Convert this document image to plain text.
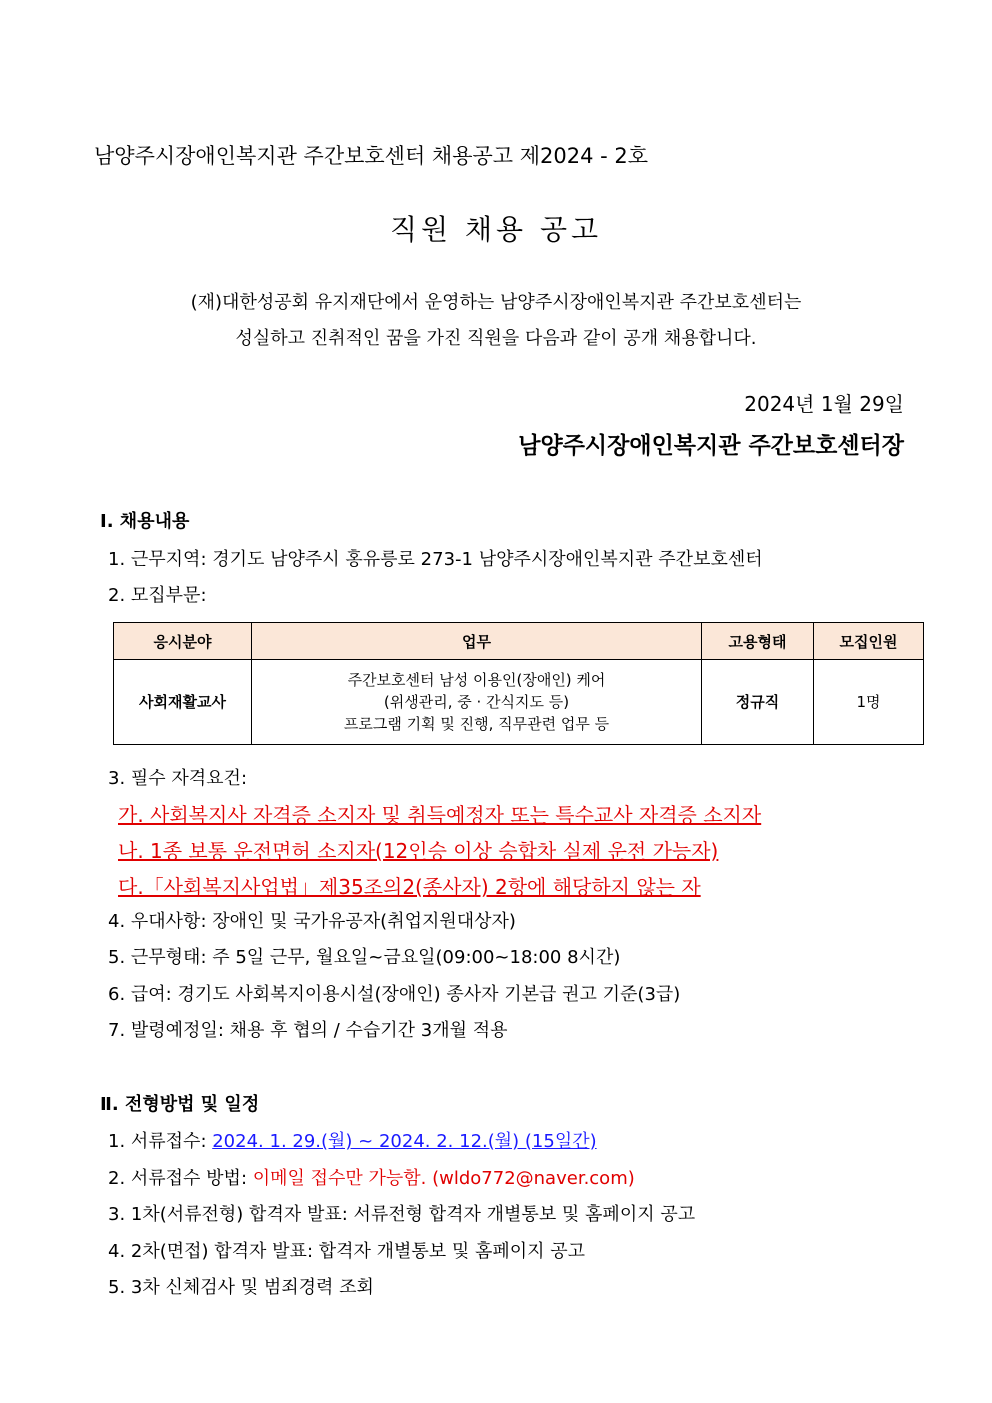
남양주시장애인복지관 주간보호센터 채용공고 제2024 - 2호
직원 채용 공고
(재)대한성공회 유지재단에서 운영하는 남양주시장애인복지관 주간보호센터는
성실하고 진취적인 꿈을 가진 직원을 다음과 같이 공개 채용합니다.
2024년 1월 29일
남양주시장애인복지관 주간보호센터장
Ⅰ. 채용내용
1. 근무지역: 경기도 남양주시 홍유릉로 273-1 남양주시장애인복지관 주간보호센터
2. 모집부문:
응시분야	업무	고용형태	모집인원
사회재활교사	주간보호센터 남성 이용인(장애인) 케어
(위생관리, 중 · 간식지도 등)
프로그램 기획 및 진행, 직무관련 업무 등	정규직	1명
3. 필수 자격요건:
가. 사회복지사 자격증 소지자 및 취득예정자 또는 특수교사 자격증 소지자
나. 1종 보통 운전면허 소지자(12인승 이상 승합차 실제 운전 가능자)
다.「사회복지사업법」제35조의2(종사자) 2항에 해당하지 않는 자
4. 우대사항: 장애인 및 국가유공자(취업지원대상자)
5. 근무형태: 주 5일 근무, 월요일~금요일(09:00~18:00 8시간)
6. 급여: 경기도 사회복지이용시설(장애인) 종사자 기본급 권고 기준(3급)
7. 발령예정일: 채용 후 협의 / 수습기간 3개월 적용
Ⅱ. 전형방법 및 일정
1. 서류접수: 2024. 1. 29.(월) ~ 2024. 2. 12.(월) (15일간)
2. 서류접수 방법: 이메일 접수만 가능함. (wldo772@naver.com)
3. 1차(서류전형) 합격자 발표: 서류전형 합격자 개별통보 및 홈페이지 공고
4. 2차(면접) 합격자 발표: 합격자 개별통보 및 홈페이지 공고
5. 3차 신체검사 및 범죄경력 조회
